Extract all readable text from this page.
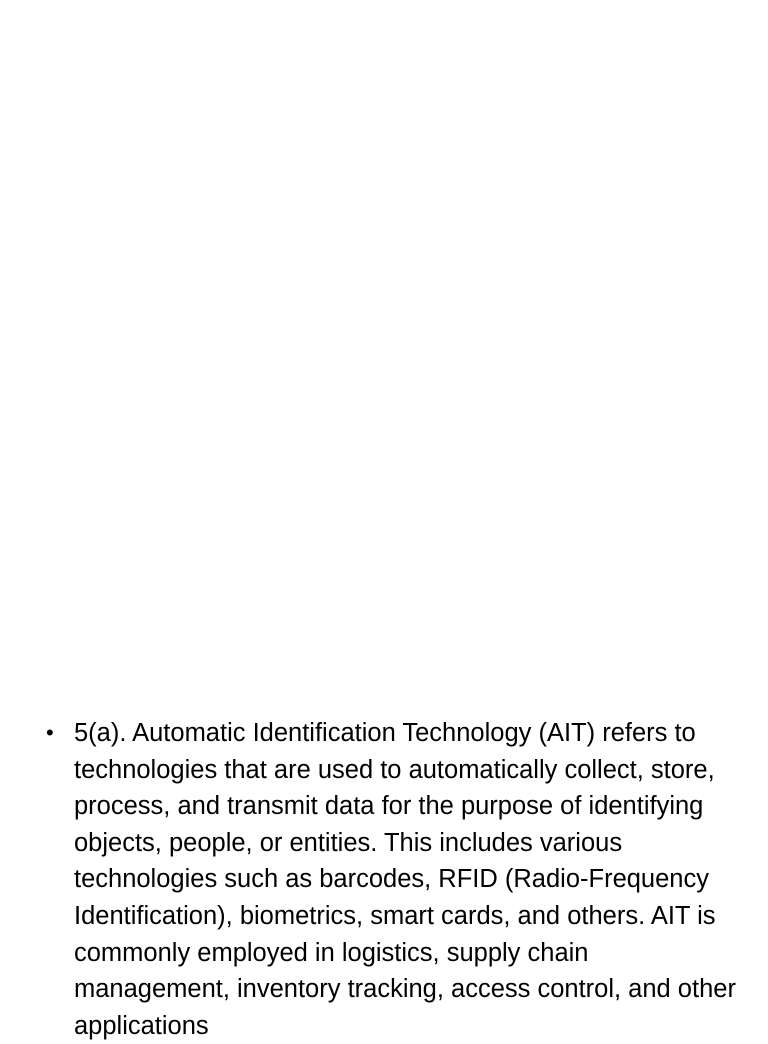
• 5(a). Automatic Identification Technology (AIT) refers to technologies that are used to automatically collect, store, process, and transmit data for the purpose of identifying objects, people, or entities. This includes various technologies such as barcodes, RFID (Radio-Frequency Identification), biometrics, smart cards, and others. AIT is commonly employed in logistics, supply chain management, inventory tracking, access control, and other applications
